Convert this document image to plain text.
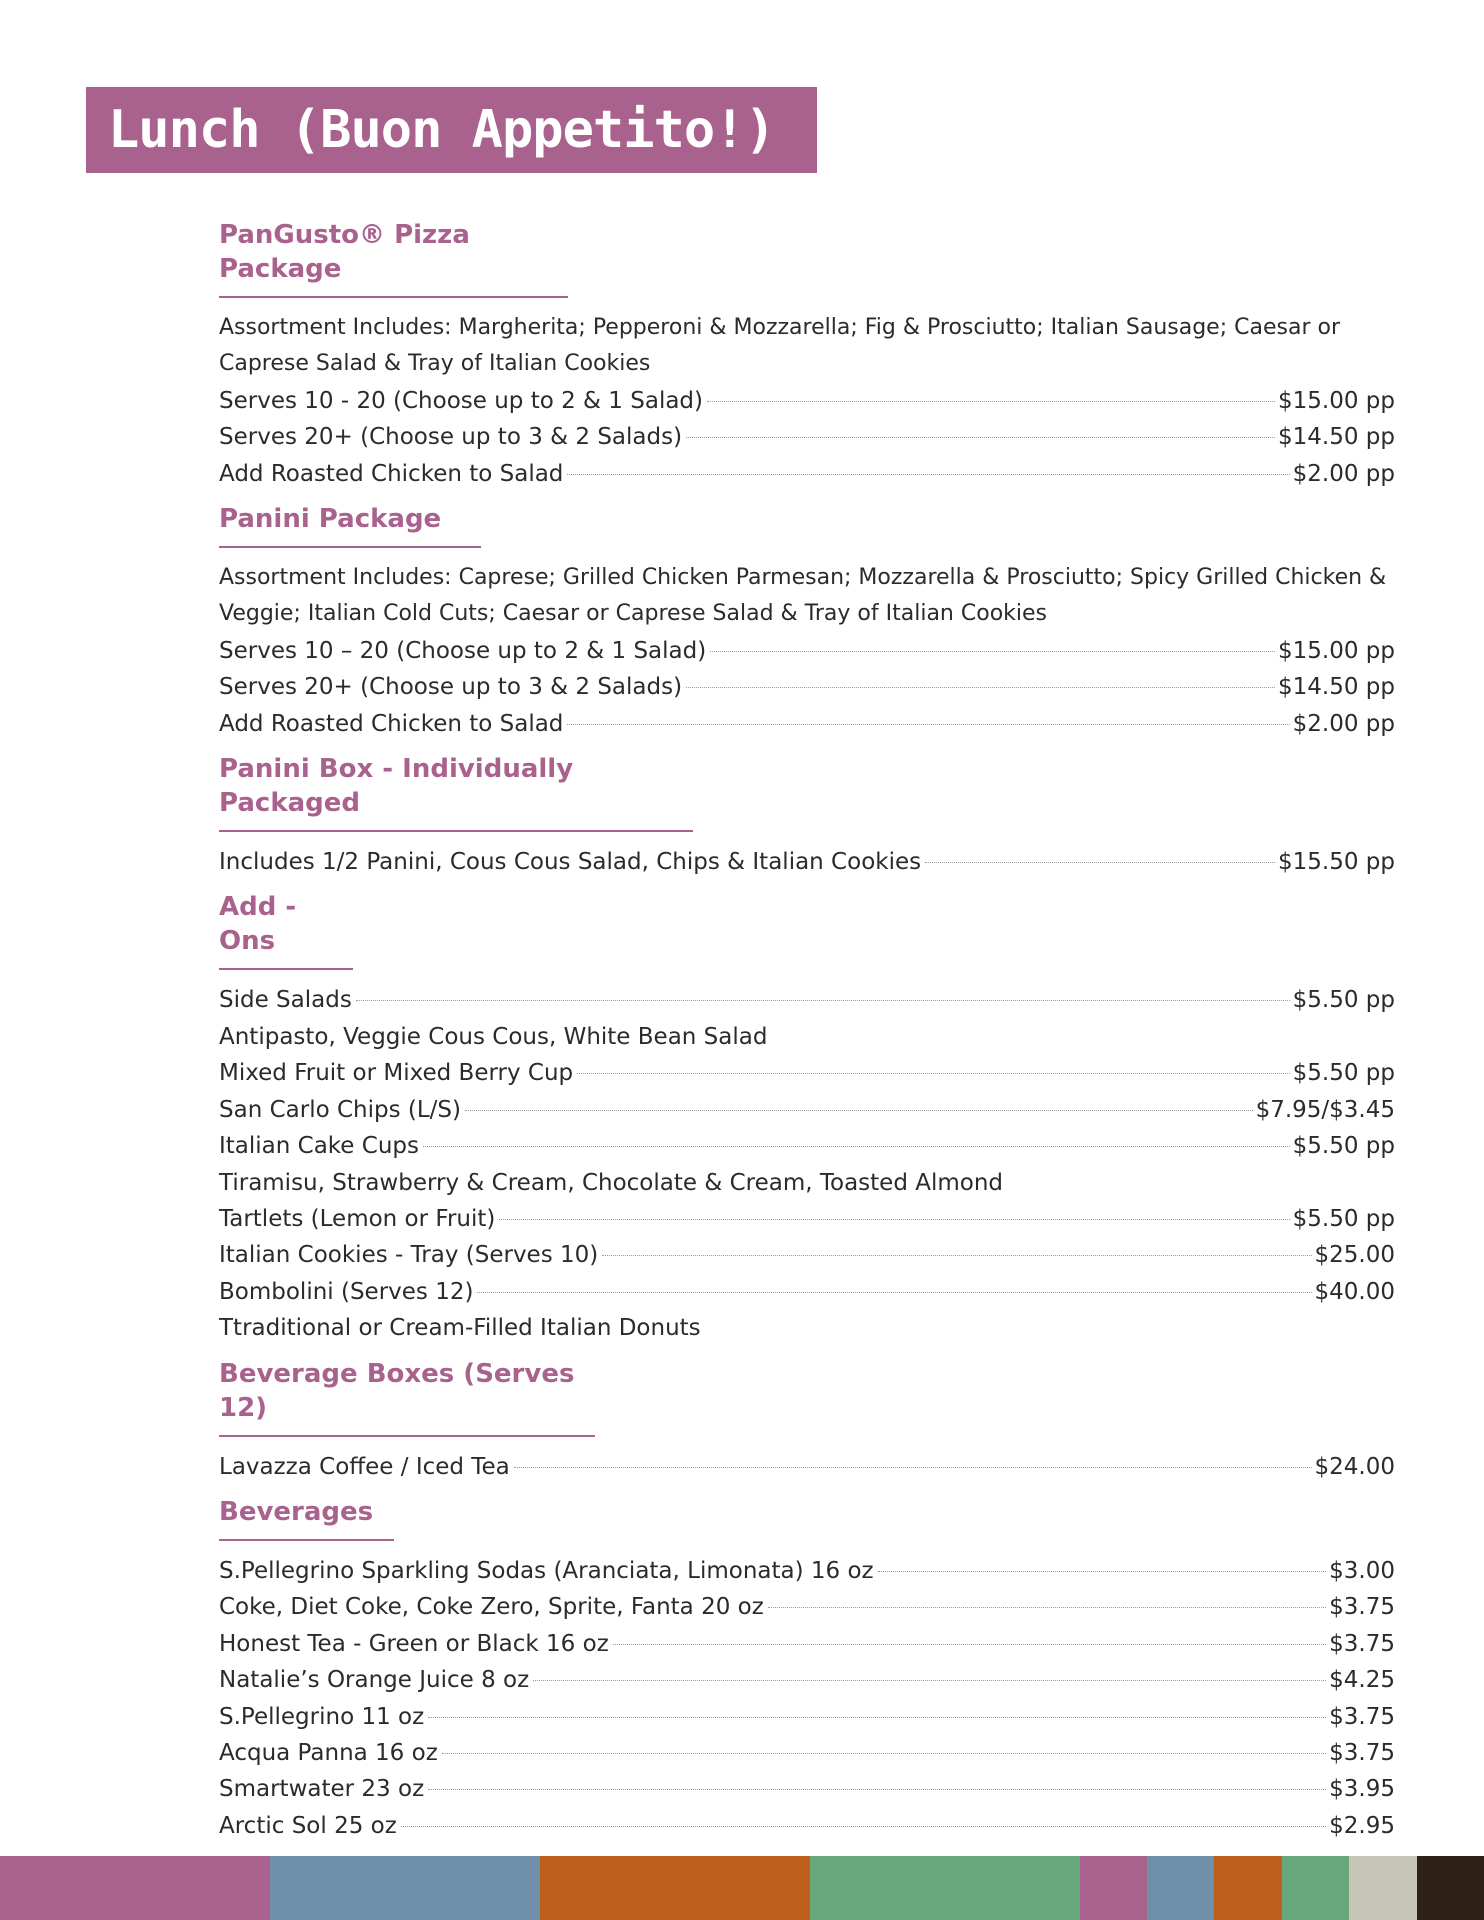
Lunch (Buon Appetito!)
PanGusto® Pizza Package
Assortment Includes: Margherita; Pepperoni & Mozzarella; Fig & Prosciutto; Italian Sausage; Caesar or Caprese Salad & Tray of Italian Cookies
Serves 10 - 20 (Choose up to 2 & 1 Salad)	$15.00 pp
Serves 20+ (Choose up to 3 & 2 Salads)	$14.50 pp
Add Roasted Chicken to Salad	$2.00 pp
Panini Package
Assortment Includes: Caprese; Grilled Chicken Parmesan; Mozzarella & Prosciutto; Spicy Grilled Chicken & Veggie; Italian Cold Cuts; Caesar or Caprese Salad & Tray of Italian Cookies
Serves 10 – 20 (Choose up to 2 & 1 Salad)	$15.00 pp
Serves 20+ (Choose up to 3 & 2 Salads)	$14.50 pp
Add Roasted Chicken to Salad	$2.00 pp
Panini Box - Individually Packaged
Includes 1/2 Panini, Cous Cous Salad, Chips & Italian Cookies	$15.50 pp
Add - Ons
Side Salads	$5.50 pp
Antipasto, Veggie Cous Cous, White Bean Salad
Mixed Fruit or Mixed Berry Cup	$5.50 pp
San Carlo Chips (L/S)	$7.95/$3.45
Italian Cake Cups	$5.50 pp
Tiramisu, Strawberry & Cream, Chocolate & Cream, Toasted Almond
Tartlets (Lemon or Fruit)	$5.50 pp
Italian Cookies - Tray (Serves 10)	$25.00
Bombolini (Serves 12)	$40.00
Ttraditional or Cream-Filled Italian Donuts
Beverage Boxes (Serves 12)
Lavazza Coffee / Iced Tea	$24.00
Beverages
S.Pellegrino Sparkling Sodas (Aranciata, Limonata) 16 oz	$3.00
Coke, Diet Coke, Coke Zero, Sprite, Fanta 20 oz	$3.75
Honest Tea - Green or Black 16 oz	$3.75
Natalie’s Orange Juice 8 oz	$4.25
S.Pellegrino 11 oz	$3.75
Acqua Panna 16 oz	$3.75
Smartwater 23 oz	$3.95
Arctic Sol 25 oz	$2.95
